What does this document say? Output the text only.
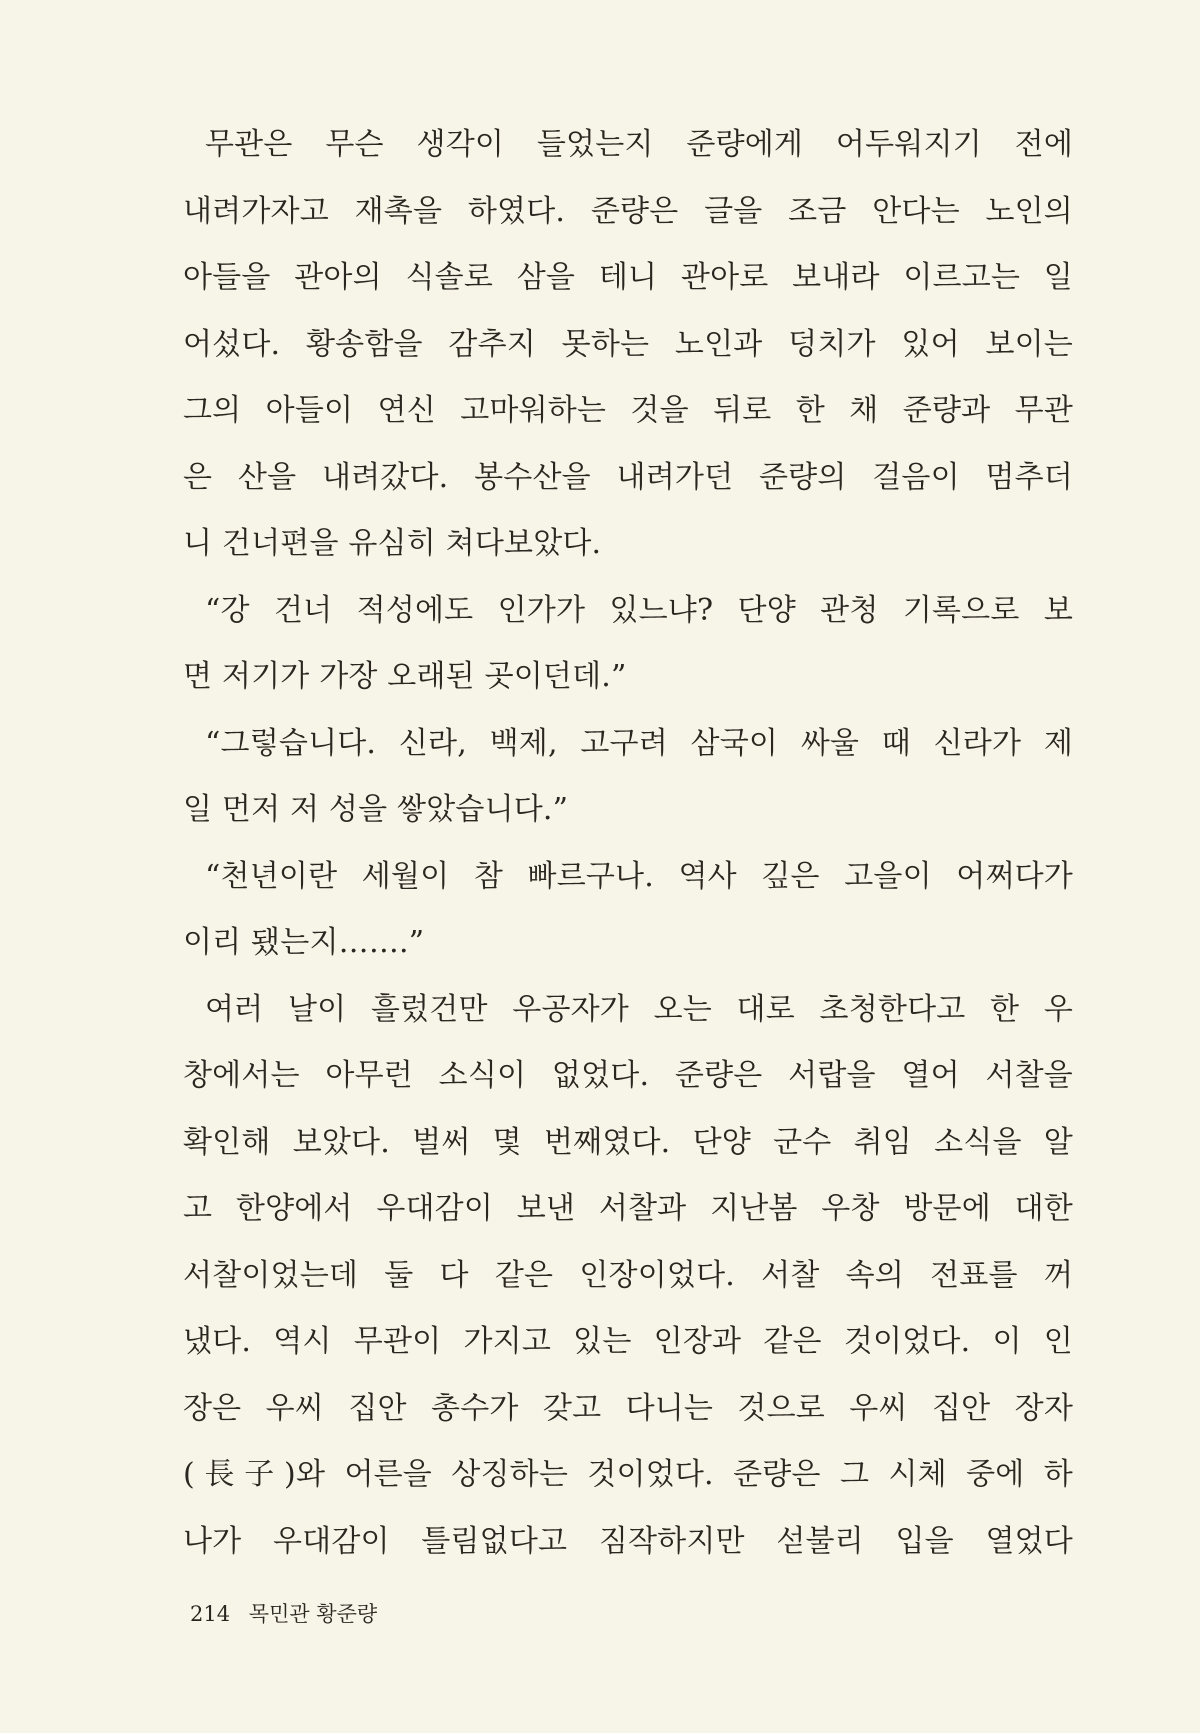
무관은 무슨 생각이 들었는지 준량에게 어두워지기 전에
내려가자고 재촉을 하였다. 준량은 글을 조금 안다는 노인의
아들을 관아의 식솔로 삼을 테니 관아로 보내라 이르고는 일
어섰다. 황송함을 감추지 못하는 노인과 덩치가 있어 보이는
그의 아들이 연신 고마워하는 것을 뒤로 한 채 준량과 무관
은 산을 내려갔다. 봉수산을 내려가던 준량의 걸음이 멈추더
니 건너편을 유심히 쳐다보았다.
“강 건너 적성에도 인가가 있느냐? 단양 관청 기록으로 보
면 저기가 가장 오래된 곳이던데.”
“그렇습니다. 신라, 백제, 고구려 삼국이 싸울 때 신라가 제
일 먼저 저 성을 쌓았습니다.”
“천년이란 세월이 참 빠르구나. 역사 깊은 고을이 어쩌다가
이리 됐는지…….”
여러 날이 흘렀건만 우공자가 오는 대로 초청한다고 한 우
창에서는 아무런 소식이 없었다. 준량은 서랍을 열어 서찰을
확인해 보았다. 벌써 몇 번째였다. 단양 군수 취임 소식을 알
고 한양에서 우대감이 보낸 서찰과 지난봄 우창 방문에 대한
서찰이었는데 둘 다 같은 인장이었다. 서찰 속의 전표를 꺼
냈다. 역시 무관이 가지고 있는 인장과 같은 것이었다. 이 인
장은 우씨 집안 총수가 갖고 다니는 것으로 우씨 집안 장자
(長子)와 어른을 상징하는 것이었다. 준량은 그 시체 중에 하
나가 우대감이 틀림없다고 짐작하지만 섣불리 입을 열었다
214 목민관 황준량
